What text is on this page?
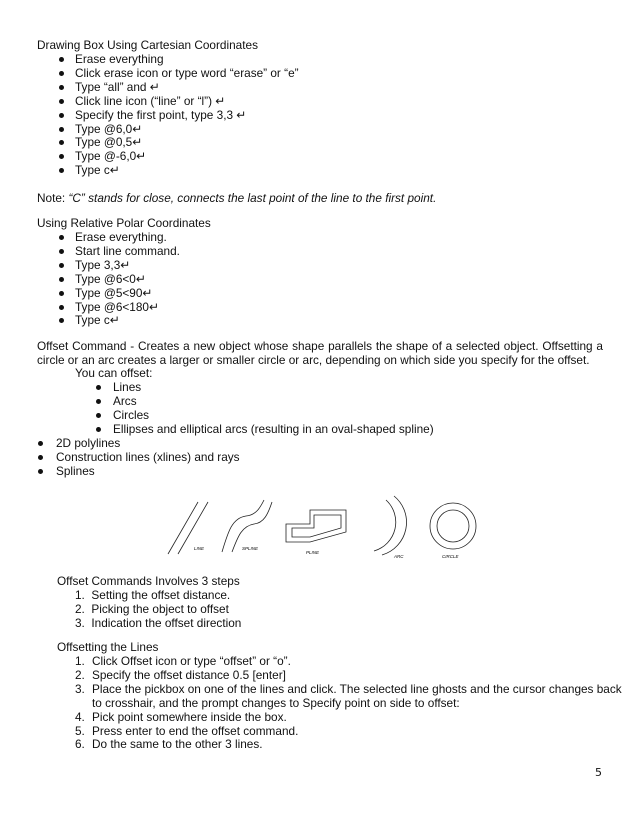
Drawing Box Using Cartesian Coordinates
Erase everything
Click erase icon or type word “erase” or “e”
Type “all” and ↵
Click line icon (“line” or “l”) ↵
Specify the first point, type 3,3 ↵
Type @6,0↵
Type @0,5↵
Type @-6,0↵
Type c↵
Note: “C” stands for close, connects the last point of the line to the first point.
Using Relative Polar Coordinates
Erase everything.
Start line command.
Type 3,3↵
Type @6<0↵
Type @5<90↵
Type @6<180↵
Type c↵
Offset Command - Creates a new object whose shape parallels the shape of a selected object. Offsetting a circle or an arc creates a larger or smaller circle or arc, depending on which side you specify for the offset.
You can offset:
Lines
Arcs
Circles
Ellipses and elliptical arcs (resulting in an oval-shaped spline)
2D polylines
Construction lines (xlines) and rays
Splines
LINE	SPLINE
PLINE
ARC	CIRCLE
Offset Commands Involves 3 steps
1.  Setting the offset distance.
2.  Picking the object to offset
3.  Indication the offset direction
Offsetting the Lines
1. Click Offset icon or type “offset” or “o”.
2. Specify the offset distance 0.5 [enter]
3. Place the pickbox on one of the lines and click. The selected line ghosts and the cursor changes back
to crosshair, and the prompt changes to Specify point on side to offset:
4. Pick point somewhere inside the box.
5. Press enter to end the offset command.
6. Do the same to the other 3 lines.
5
